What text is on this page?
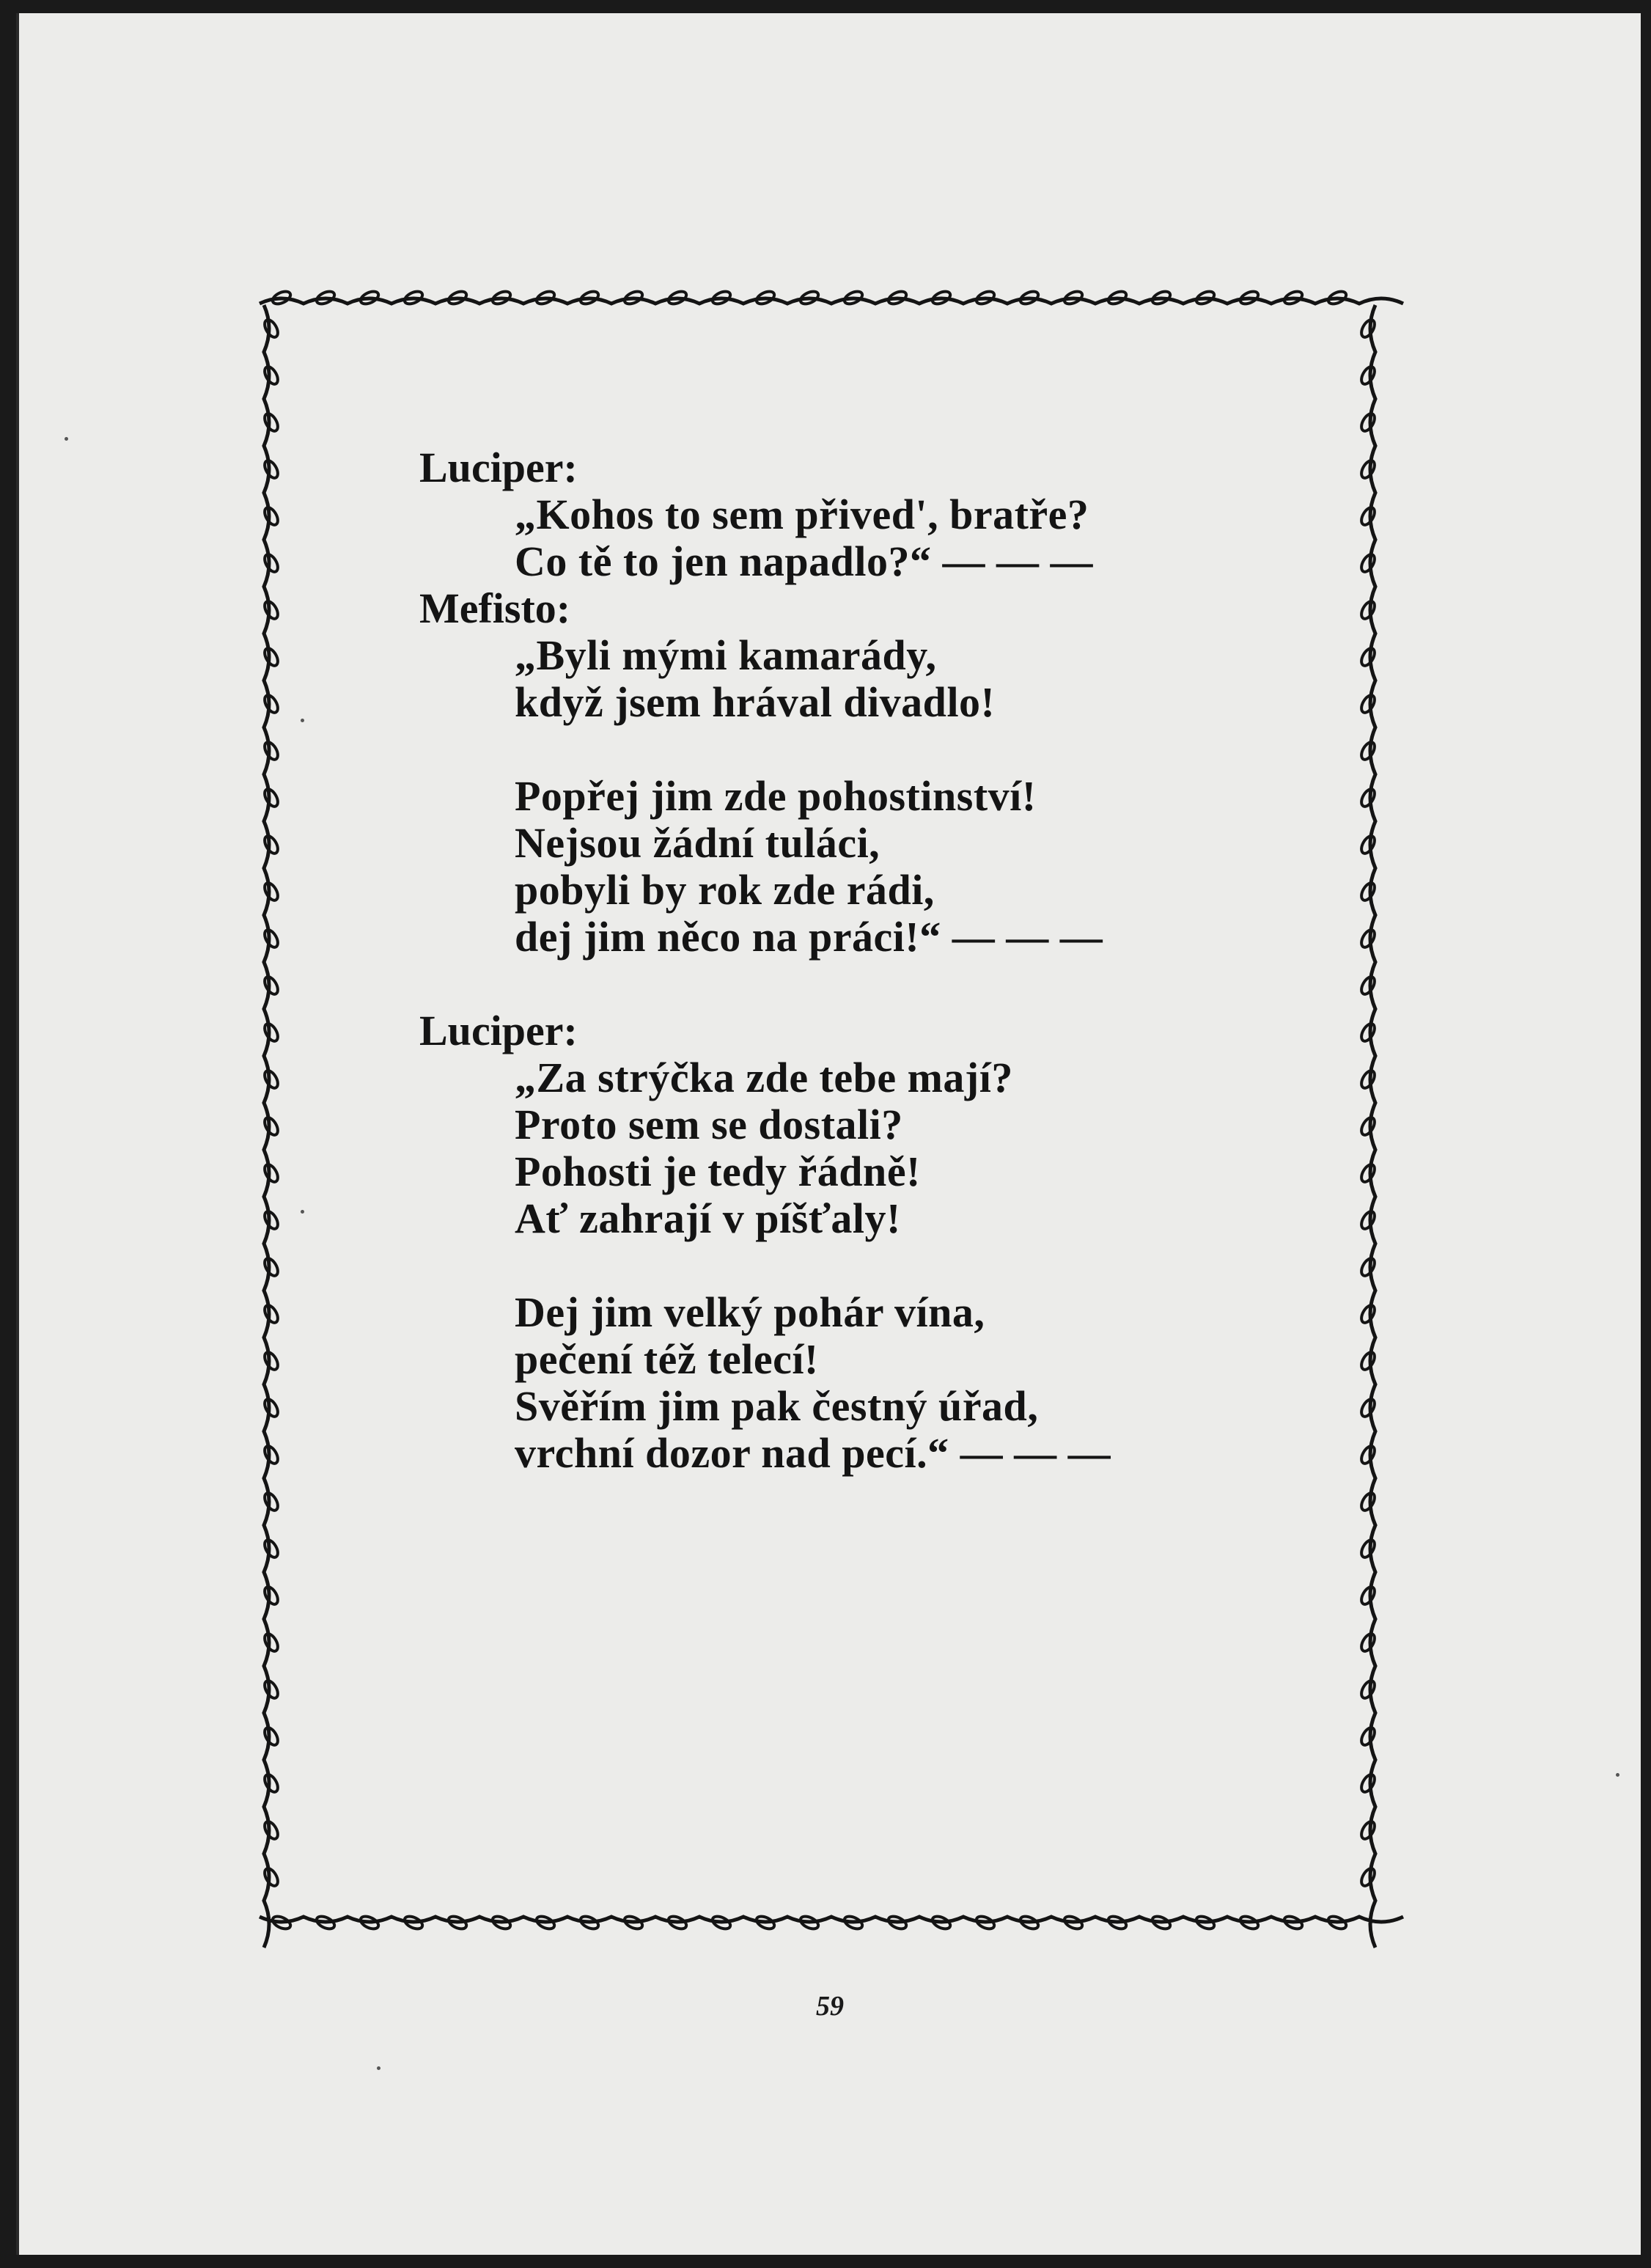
Luciper:
„Kohos to sem přived', bratře?
Co tě to jen napadlo?“ — — —
Mefisto:
„Byli mými kamarády,
když jsem hrával divadlo!
Popřej jim zde pohostinství!
Nejsou žádní tuláci,
pobyli by rok zde rádi,
dej jim něco na práci!“ — — —
Luciper:
„Za strýčka zde tebe mají?
Proto sem se dostali?
Pohosti je tedy řádně!
Ať zahrají v píšťaly!
Dej jim velký pohár vína,
pečení též telecí!
Svěřím jim pak čestný úřad,
vrchní dozor nad pecí.“ — — —
59
